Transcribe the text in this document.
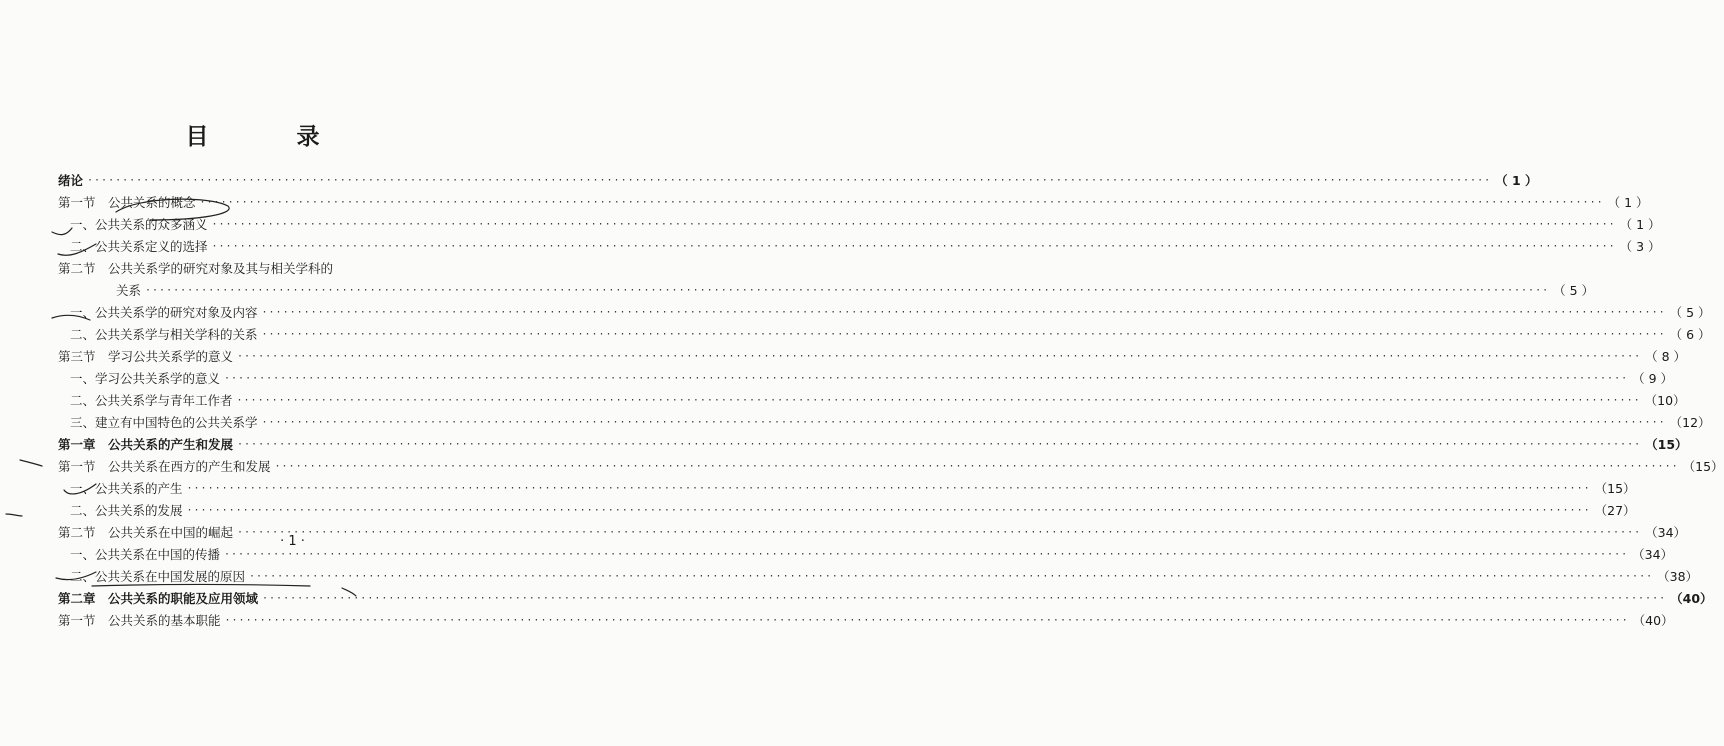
目 录
绪论 ········································································································································································································ （ 1 ）
第一节　公共关系的概念 ········································································································································································································ （ 1 ）
一、公共关系的众多涵义 ········································································································································································································ （ 1 ）
二、公共关系定义的选择 ········································································································································································································ （ 3 ）
第二节　公共关系学的研究对象及其与相关学科的
关系 ········································································································································································································ （ 5 ）
一、公共关系学的研究对象及内容 ········································································································································································································ （ 5 ）
二、公共关系学与相关学科的关系 ········································································································································································································ （ 6 ）
第三节　学习公共关系学的意义 ········································································································································································································ （ 8 ）
一、学习公共关系学的意义 ········································································································································································································ （ 9 ）
二、公共关系学与青年工作者 ········································································································································································································ （10）
三、建立有中国特色的公共关系学 ········································································································································································································ （12）
第一章　公共关系的产生和发展 ········································································································································································································ （15）
第一节　公共关系在西方的产生和发展 ········································································································································································································ （15）
一、公共关系的产生 ········································································································································································································ （15）
二、公共关系的发展 ········································································································································································································ （27）
第二节　公共关系在中国的崛起 ········································································································································································································ （34）
一、公共关系在中国的传播 ········································································································································································································ （34）
二、公共关系在中国发展的原因 ········································································································································································································ （38）
第二章　公共关系的职能及应用领域 ········································································································································································································ （40）
第一节　公共关系的基本职能 ········································································································································································································ （40）
· 1 ·
